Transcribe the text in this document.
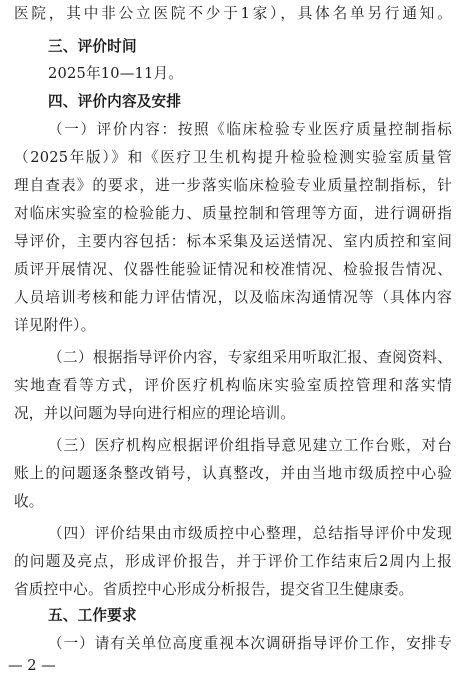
医院，其中非公立医院不少于1家），具体名单另行通知。
三、评价时间
2025年10—11月。
四、评价内容及安排
（一）评价内容：按照《临床检验专业医疗质量控制指标
（2025年版）》和《医疗卫生机构提升检验检测实验室质量管
理自查表》的要求，进一步落实临床检验专业质量控制指标，针
对临床实验室的检验能力、质量控制和管理等方面，进行调研指
导评价，主要内容包括：标本采集及运送情况、室内质控和室间
质评开展情况、仪器性能验证情况和校准情况、检验报告情况、
人员培训考核和能力评估情况，以及临床沟通情况等（具体内容
详见附件）。
（二）根据指导评价内容，专家组采用听取汇报、查阅资料、
实地查看等方式，评价医疗机构临床实验室质控管理和落实情
况，并以问题为导向进行相应的理论培训。
（三）医疗机构应根据评价组指导意见建立工作台账，对台
账上的问题逐条整改销号，认真整改，并由当地市级质控中心验
收。
（四）评价结果由市级质控中心整理，总结指导评价中发现
的问题及亮点，形成评价报告，并于评价工作结束后2周内上报
省质控中心。省质控中心形成分析报告，提交省卫生健康委。
五、工作要求
（一）请有关单位高度重视本次调研指导评价工作，安排专
— 2 —
